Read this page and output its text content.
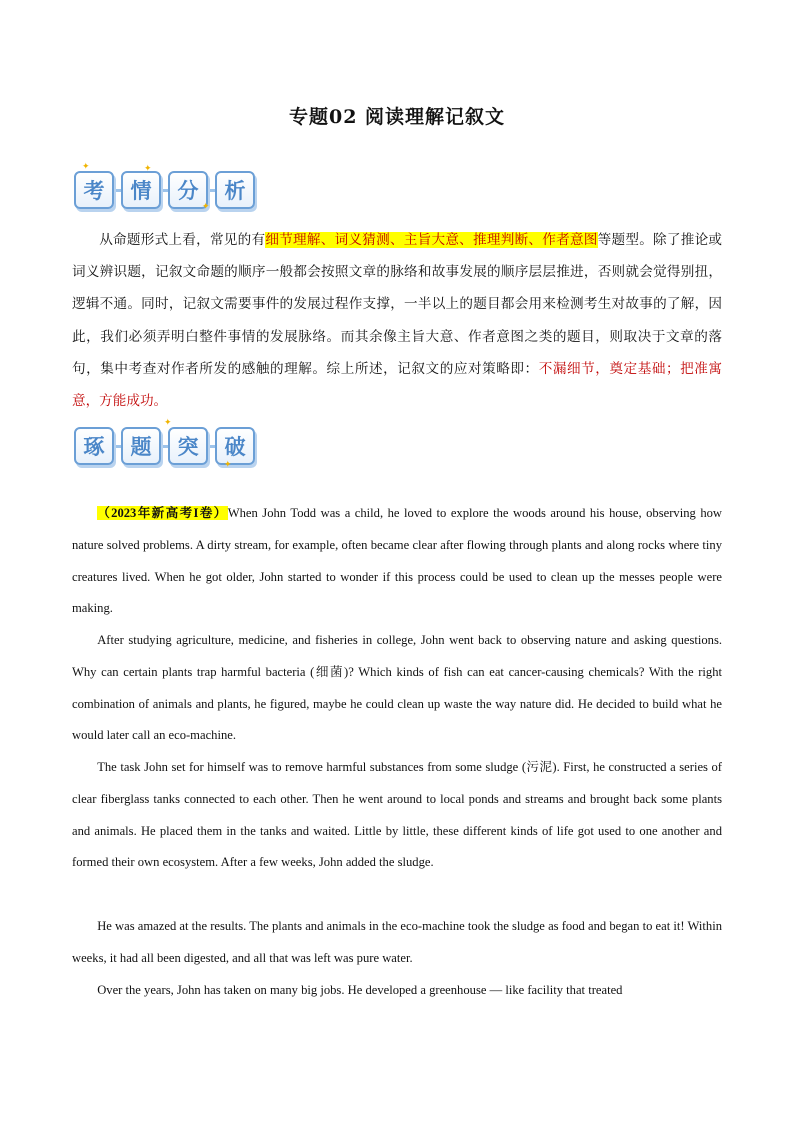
专题02 阅读理解记叙文
考	情	分	析
✦	✦
✦
从命题形式上看，常见的有细节理解、词义猜测、主旨大意、推理判断、作者意图等题型。除了推论或词义辨识题，记叙文命题的顺序一般都会按照文章的脉络和故事发展的顺序层层推进，否则就会觉得别扭，逻辑不通。同时，记叙文需要事件的发展过程作支撑，一半以上的题目都会用来检测考生对故事的了解，因此，我们必须弄明白整件事情的发展脉络。而其余像主旨大意、作者意图之类的题目，则取决于文章的落句，集中考查对作者所发的感触的理解。综上所述，记叙文的应对策略即：不漏细节，奠定基础；把准寓意，方能成功。
琢	题	突	破
✦
✦
（2023年新高考I卷）When John Todd was a child, he loved to explore the woods around his house, observing how nature solved problems. A dirty stream, for example, often became clear after flowing through plants and along rocks where tiny creatures lived. When he got older, John started to wonder if this process could be used to clean up the messes people were making.
After studying agriculture, medicine, and fisheries in college, John went back to observing nature and asking questions. Why can certain plants trap harmful bacteria (细菌)? Which kinds of fish can eat cancer-causing chemicals? With the right combination of animals and plants, he figured, maybe he could clean up waste the way nature did. He decided to build what he would later call an eco-machine.
The task John set for himself was to remove harmful substances from some sludge (污泥). First, he constructed a series of clear fiberglass tanks connected to each other. Then he went around to local ponds and streams and brought back some plants and animals. He placed them in the tanks and waited. Little by little, these different kinds of life got used to one another and formed their own ecosystem. After a few weeks, John added the sludge.
He was amazed at the results. The plants and animals in the eco-machine took the sludge as food and began to eat it! Within weeks, it had all been digested, and all that was left was pure water.
Over the years, John has taken on many big jobs. He developed a greenhouse — like facility that treated
